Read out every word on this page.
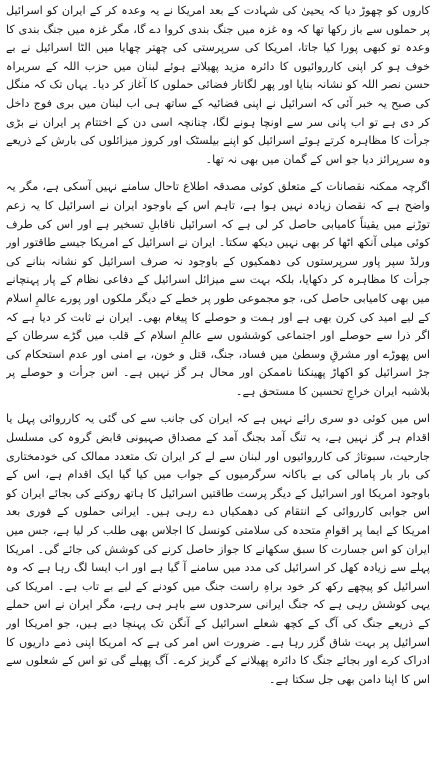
کاروں کو چھوڑ دیا کہ یحییٰ کی شہادت کے بعد امریکا نے یہ وعدہ کر کے ایران کو اسرائیل پر حملوں سے باز رکھا تھا کہ وہ غزہ میں جنگ بندی کروا دے گا، مگر غزہ میں جنگ بندی کا وعدہ تو کبھی پورا کیا جاتا، امریکا کی سرپرستی کی چھتر چھایا میں الٹا اسرائیل نے بے خوف ہو کر اپنی کارروائیوں کا دائرہ مزید پھیلاتے ہوئے لبنان میں حزب اللہ کے سربراہ حسن نصر اللہ کو نشانہ بنایا اور پھر لگاتار فضائی حملوں کا آغاز کر دیا۔ یہاں تک کہ منگل کی صبح یہ خبر آئی کہ اسرائیل نے اپنی فضائیہ کے ساتھ ہی اب لبنان میں بری فوج داخل کر دی ہے تو اب پانی سر سے اونچا ہونے لگا، چنانچہ اسی دن کے اختتام پر ایران نے بڑی جرأت کا مظاہرہ کرتے ہوئے اسرائیل کو اپنے بیلسٹک اور کروز میزائلوں کی بارش کے ذریعے وہ سرپرائز دیا جو اس کے گمان میں بھی نہ تھا۔

اگرچہ ممکنہ نقصانات کے متعلق کوئی مصدقہ اطلاع تاحال سامنے نہیں آسکی ہے، مگر یہ واضح ہے کہ نقصان زیادہ نہیں ہوا ہے، تاہم اس کے باوجود ایران نے اسرائیل کا یہ زعم توڑنے میں یقیناً کامیابی حاصل کر لی ہے کہ اسرائیل ناقابلِ تسخیر ہے اور اس کی طرف کوئی میلی آنکھ اٹھا کر بھی نہیں دیکھ سکتا۔ ایران نے اسرائیل کے امریکا جیسے طاقتور اور ورلڈ سپر پاور سرپرستوں کی دھمکیوں کے باوجود نہ صرف اسرائیل کو نشانہ بنانے کی جرأت کا مظاہرہ کر دکھایا، بلکہ بہت سے میزائل اسرائیل کے دفاعی نظام کے پار پہنچانے میں بھی کامیابی حاصل کی، جو مجموعی طور پر خطے کے دیگر ملکوں اور پورے عالمِ اسلام کے لیے امید کی کرن بھی ہے اور ہمت و حوصلے کا پیغام بھی۔ ایران نے ثابت کر دیا ہے کہ اگر ذرا سے حوصلے اور اجتماعی کوششوں سے عالمِ اسلام کے قلب میں گڑے سرطان کے اس پھوڑے اور مشرقِ وسطیٰ میں فساد، جنگ، قتل و خون، بے امنی اور عدم استحکام کی جڑ اسرائیل کو اکھاڑ پھینکنا ناممکن اور محال ہر گز نہیں ہے۔ اس جرأت و حوصلے پر بلاشبہ ایران خراجِ تحسین کا مستحق ہے۔

اس میں کوئی دو سری رائے نہیں ہے کہ ایران کی جانب سے کی گئی یہ کارروائی پہل یا اقدام ہر گز نہیں ہے، یہ تنگ آمد بجنگ آمد کے مصداق صہیونی قابض گروہ کی مسلسل جارحیت، سبوتاژ کی کارروائیوں اور لبنان سے لے کر ایران تک متعدد ممالک کی خودمختاری کی بار بار پامالی کی بے باکانہ سرگرمیوں کے جواب میں کیا گیا ایک اقدام ہے، اس کے باوجود امریکا اور اسرائیل کے دیگر پرست طاقتیں اسرائیل کا ہاتھ روکنے کی بجائے ایران کو اس جوابی کارروائی کے انتقام کی دھمکیاں دے رہی ہیں۔ ایرانی حملوں کے فوری بعد امریکا کے ایما پر اقوامِ متحدہ کی سلامتی کونسل کا اجلاس بھی طلب کر لیا ہے، جس میں ایران کو اس جسارت کا سبق سکھانے کا جواز حاصل کرنے کی کوشش کی جائے گی۔ امریکا پہلے سے زیادہ کھل کر اسرائیل کی مدد میں سامنے آ گیا ہے اور اب ایسا لگ رہا ہے کہ وہ اسرائیل کو پیچھے رکھ کر خود براہِ راست جنگ میں کودنے کے لیے بے تاب ہے۔ امریکا کی یہی کوشش رہی ہے کہ جنگ ایرانی سرحدوں سے باہر ہی رہے، مگر ایران نے اس حملے کے ذریعے جنگ کی آگ کے کچھ شعلے اسرائیل کے آنگن تک پہنچا دیے ہیں، جو امریکا اور اسرائیل پر بہت شاق گزر رہا ہے۔ ضرورت اس امر کی ہے کہ امریکا اپنی ذمے داریوں کا ادراک کرے اور بجائے جنگ کا دائرہ پھیلانے کے گریز کرے۔ آگ پھیلے گی تو اس کے شعلوں سے اس کا اپنا دامن بھی جل سکتا ہے۔
